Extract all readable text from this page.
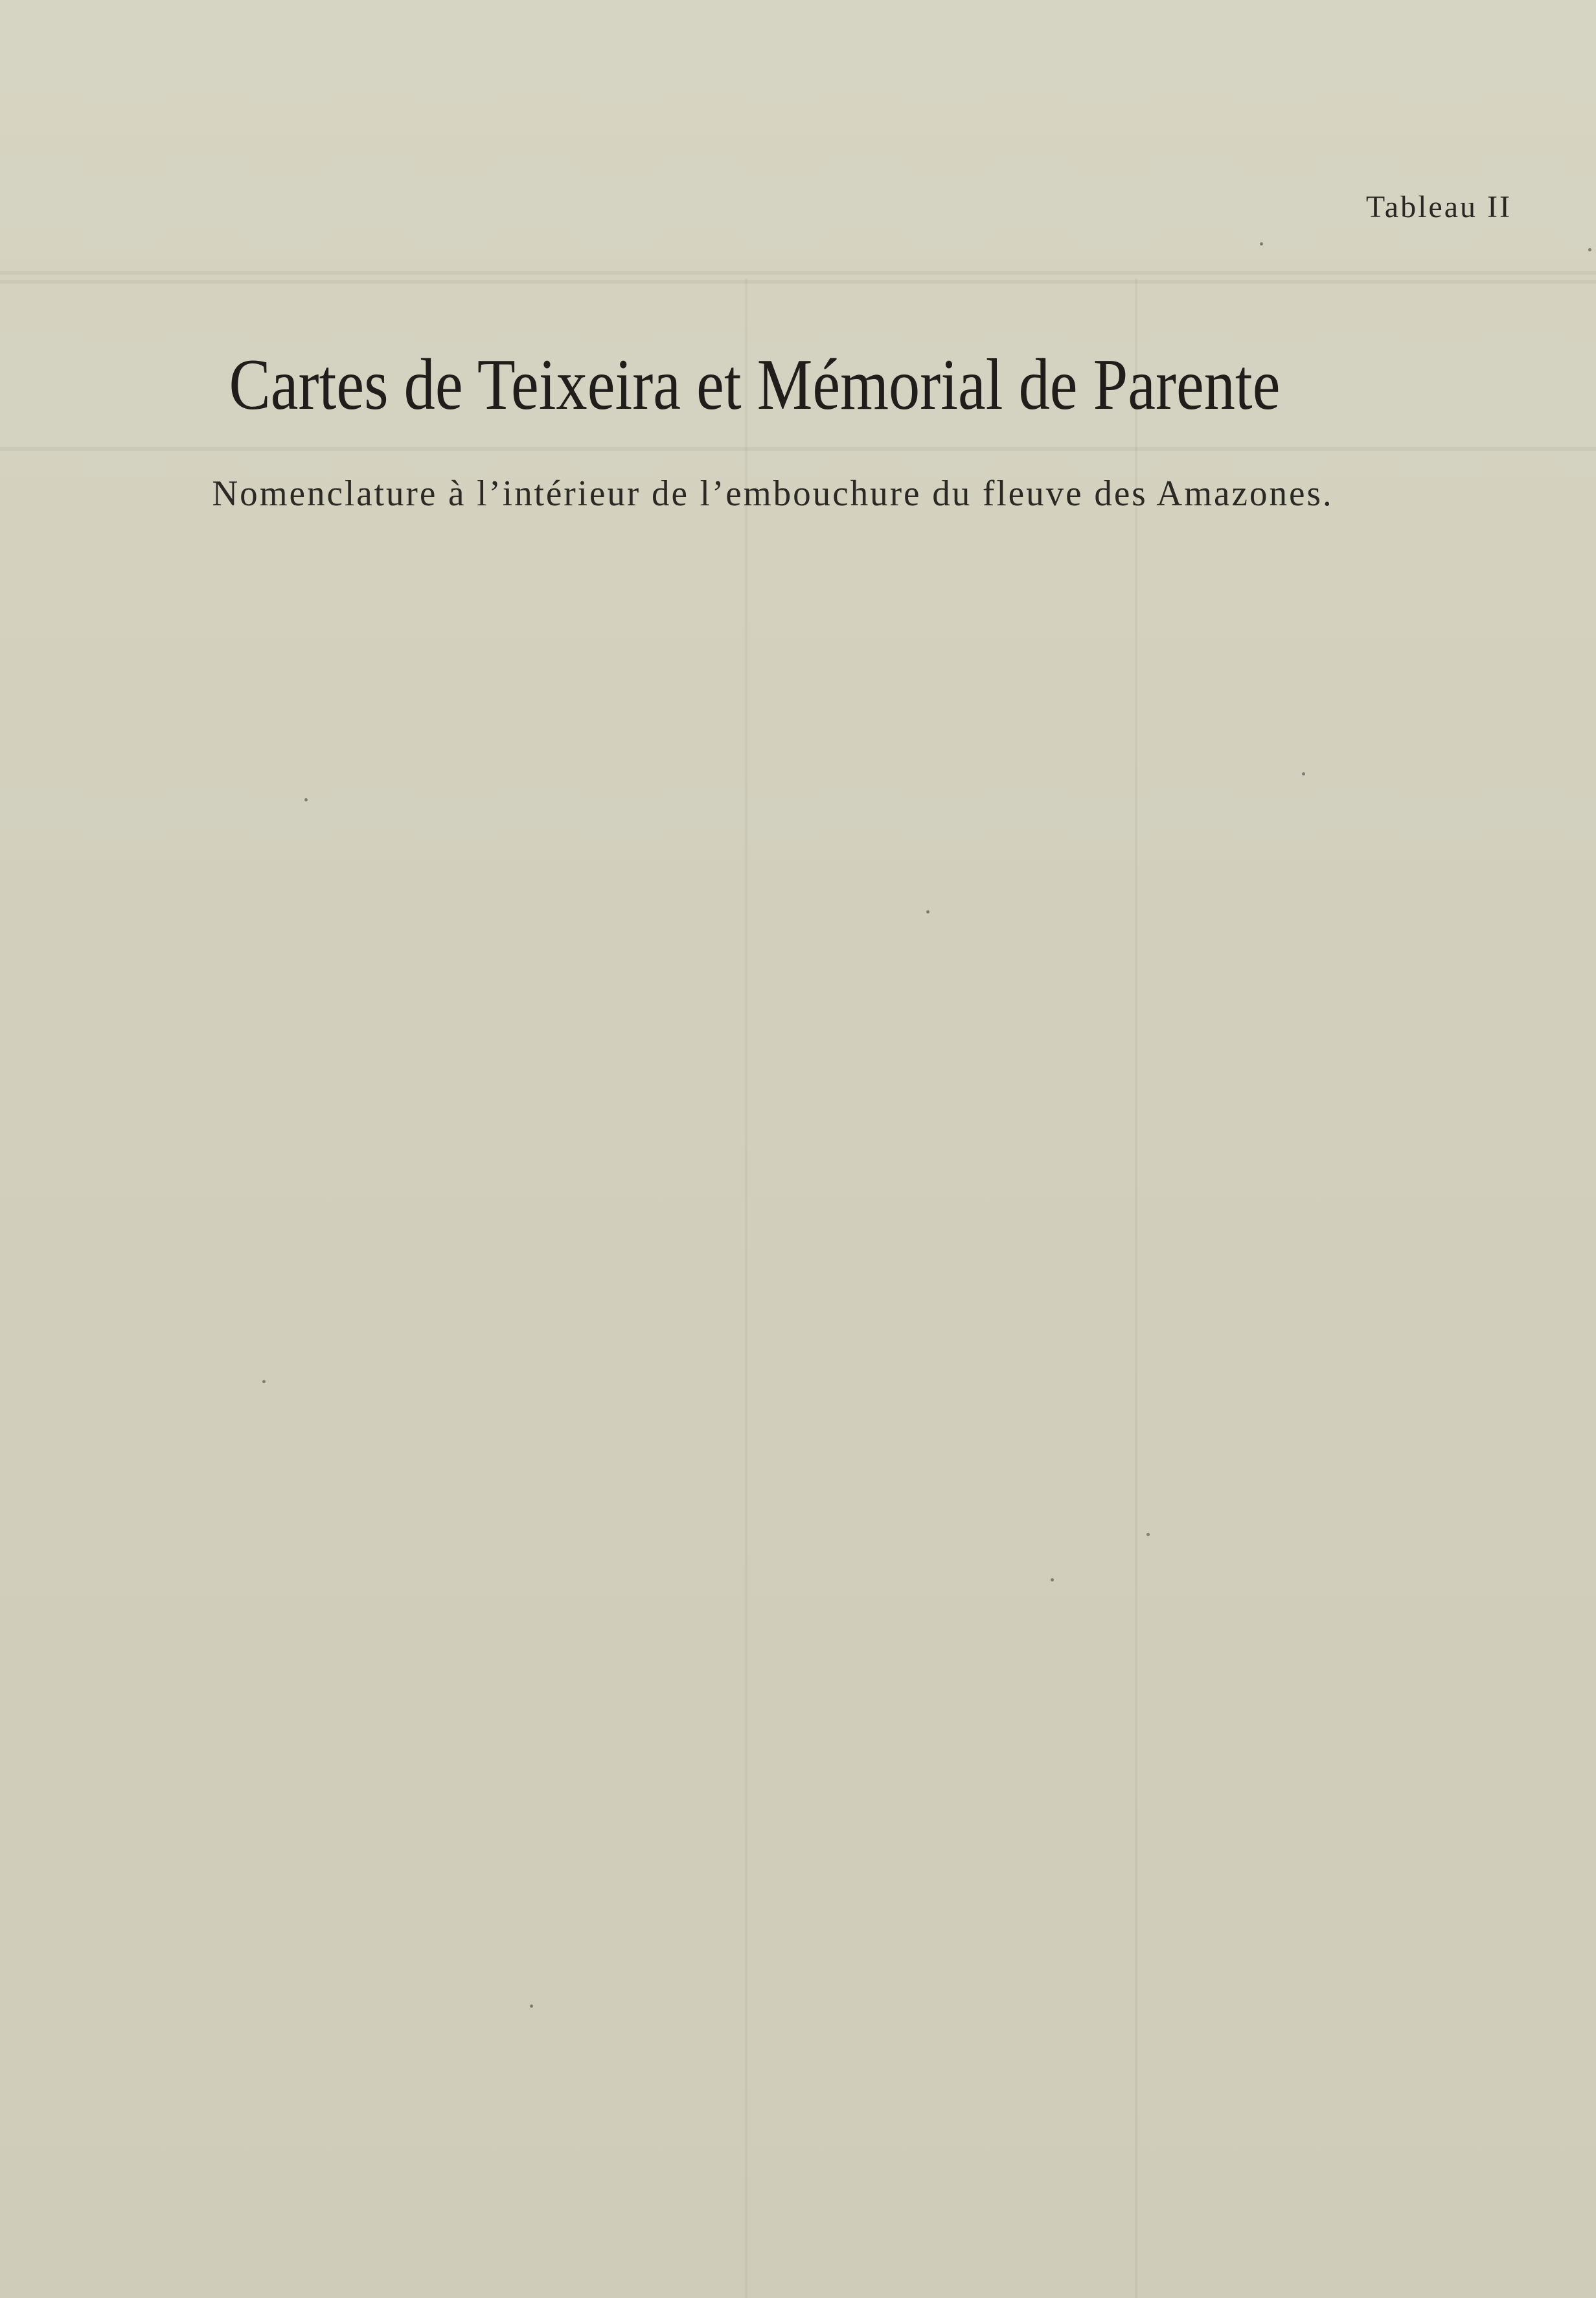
Tableau II
Cartes de Teixeira et Mémorial de Parente
Nomenclature à l’intérieur de l’embouchure du fleuve des Amazones.
